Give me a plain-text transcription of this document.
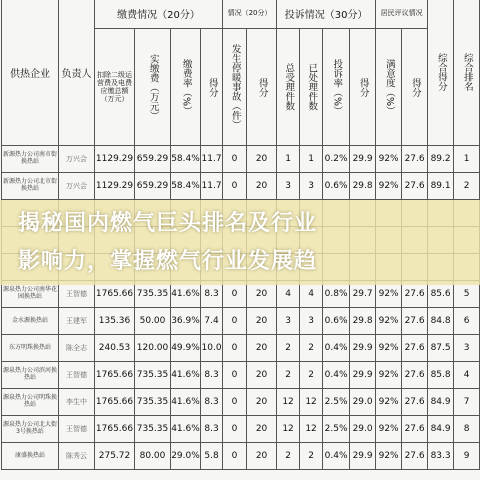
供热企业	负责人	缴费情况（20分）				情况（20分）		投诉情况（30分）				居民评议情况		综合得分	综合排名

		扣除二级运营费及电费应缴总额（万元）	实缴费（万元）	缴费率（%）	得分	发生停暖事故（件）	得分	总受理件数	已处理件数	投诉率（%）	得分	满意度（%）	得分		

新源热力公司南市街换热站	万兴会	1129.29	659.29	58.4%	11.7	0	20	1	1	0.2%	29.9	92%	27.6	89.2	1
新源热力公司北市街换热站	万兴会	1129.29	659.29	58.4%	11.7	0	20	3	3	0.6%	29.8	92%	27.6	89.1	2

源泉热力公司南华花园换热站	王智德	1765.66	735.35	41.6%	8.3	0	20	4	4	0.8%	29.7	92%	27.6	85.6	5
金水源换热站	王建军	135.36	50.00	36.9%	7.4	0	20	3	3	0.6%	29.8	92%	27.6	84.8	6
东方明珠换热站	陈全志	240.53	120.00	49.9%	10.0	0	20	2	2	0.4%	29.9	92%	27.6	87.5	3
源泉热力公司滨河换热站	王智德	1765.66	735.35	41.6%	8.3	0	20	2	2	0.4%	29.9	92%	27.6	85.8	4
源泉热力公司明珠换热站	李生中	1765.66	735.35	41.6%	8.3	0	20	12	12	2.5%	29.0	92%	27.6	84.9	7
源泉热力公司北大街3号换热站	王智德	1765.66	735.35	41.6%	8.3	0	20	12	12	2.5%	29.0	92%	27.6	84.9	8
康盛换热站	陈秀云	275.72	80.00	29.0%	5.8	0	20	2	2	0.4%	29.9	92%	27.6	83.3	9
揭秘国内燃气巨头排名及行业
影响力，掌握燃气行业发展趋
